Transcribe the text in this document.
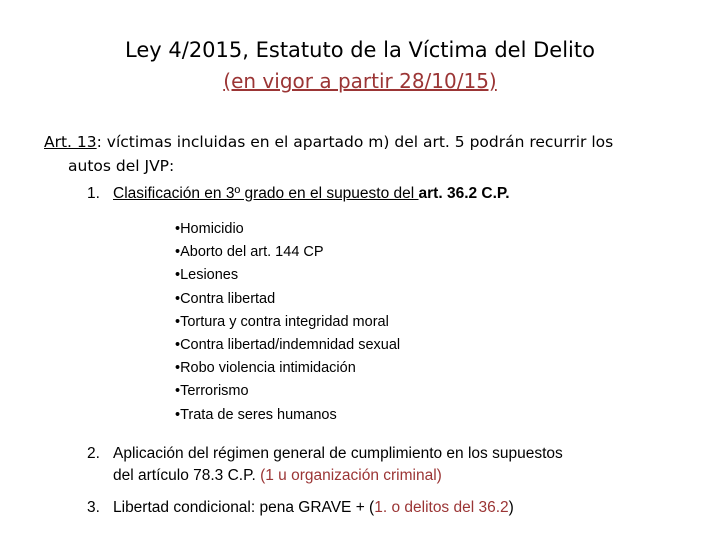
Ley 4/2015, Estatuto de la Víctima del Delito

(en vigor a partir 28/10/15)

Art. 13: víctimas incluidas en el apartado m) del art. 5 podrán recurrir los
autos del JVP:
1. Clasificación en 3º grado en el supuesto del art. 36.2 C.P.
• Homicidio
• Aborto del art. 144 CP
• Lesiones
• Contra libertad
• Tortura y contra integridad moral
• Contra libertad/indemnidad sexual
• Robo violencia intimidación
• Terrorismo
• Trata de seres humanos
2. Aplicación del régimen general de cumplimiento en los supuestos
del artículo 78.3 C.P. (1 u organización criminal)
3. Libertad condicional: pena GRAVE + (1. o delitos del 36.2)
